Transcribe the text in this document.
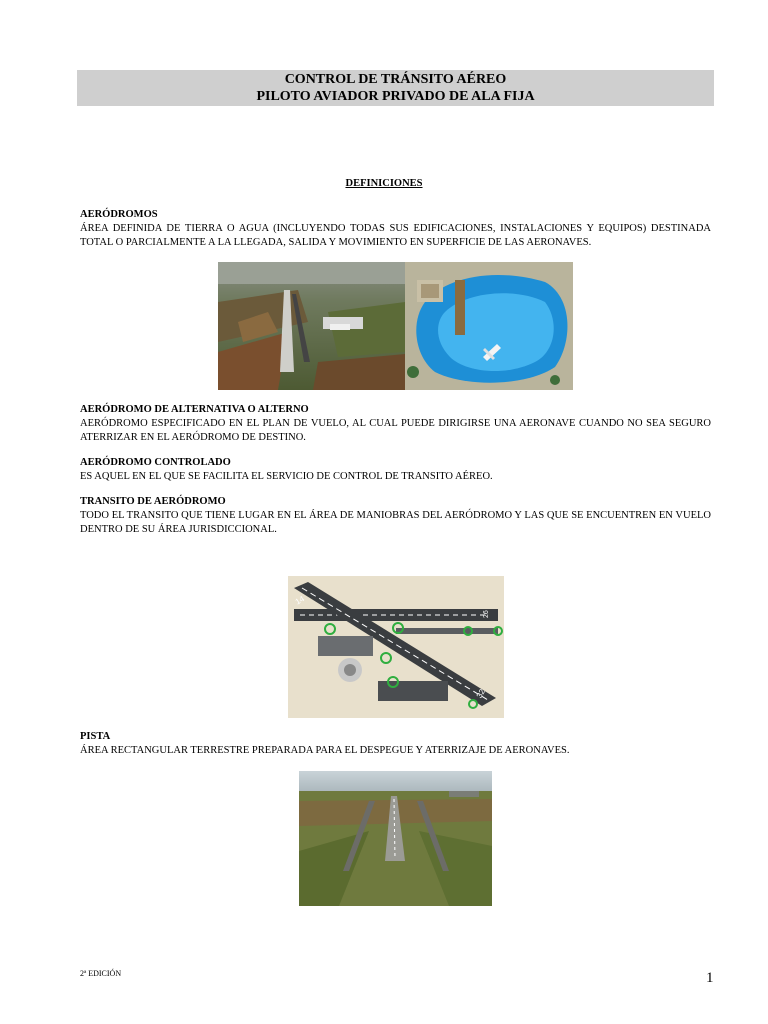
CONTROL DE TRÁNSITO AÉREO
PILOTO AVIADOR PRIVADO DE ALA FIJA
DEFINICIONES
AERÓDROMOS
ÁREA DEFINIDA DE TIERRA O AGUA (INCLUYENDO TODAS SUS EDIFICACIONES, INSTALACIONES Y EQUIPOS) DESTINADA TOTAL O PARCIALMENTE A LA LLEGADA, SALIDA Y MOVIMIENTO EN SUPERFICIE DE LAS AERONAVES.
AERÓDROMO DE ALTERNATIVA O ALTERNO
AERÓDROMO ESPECIFICADO EN EL PLAN DE VUELO, AL CUAL PUEDE DIRIGIRSE UNA AERONAVE CUANDO NO SEA SEGURO ATERRIZAR EN EL AERÓDROMO DE DESTINO.
AERÓDROMO CONTROLADO
ES AQUEL EN EL QUE SE FACILITA EL SERVICIO DE CONTROL DE TRANSITO AÉREO.
TRANSITO DE AERÓDROMO
TODO EL TRANSITO QUE TIENE LUGAR EN EL ÁREA DE MANIOBRAS DEL AERÓDROMO Y LAS QUE SE ENCUENTREN EN VUELO DENTRO DE SU ÁREA JURISDICCIONAL.
14
32
26
PISTA
ÁREA RECTANGULAR TERRESTRE PREPARADA PARA EL DESPEGUE Y ATERRIZAJE DE AERONAVES.
2ª EDICIÓN	1
